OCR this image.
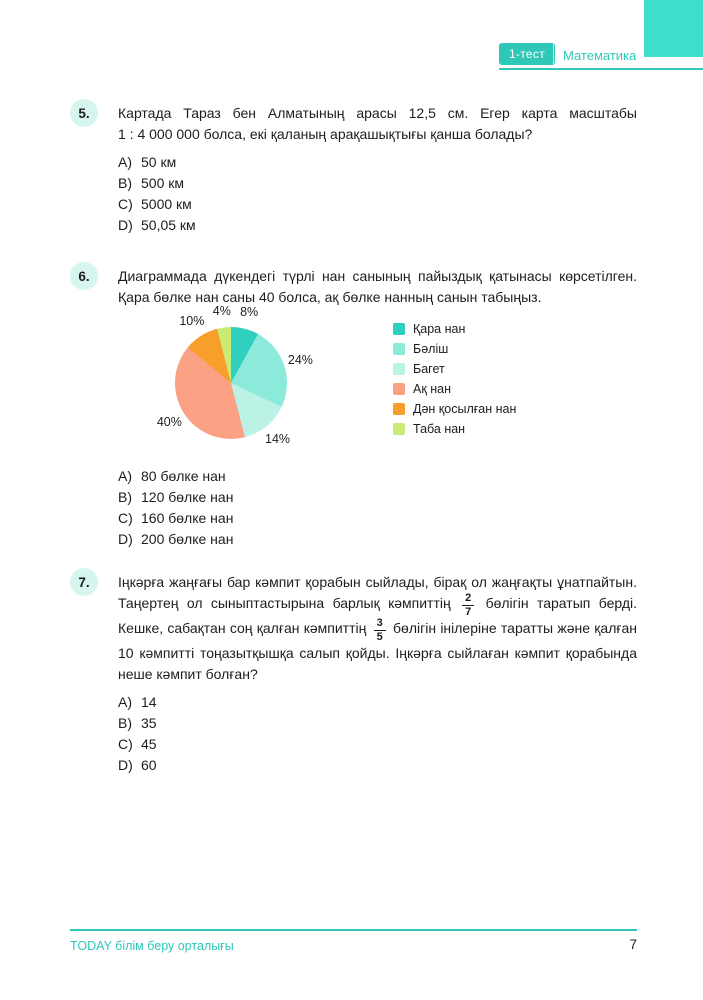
1-тест	Математика
5.	Картада Тараз бен Алматының арасы 12,5 см. Егер карта масштабы 1 : 4 000 000 болса, екі қаланың арақашықтығы қанша болады?

A) 50 км
B) 500 км
C) 5000 км
D) 50,05 км
6.	Диаграммада дүкендегі түрлі нан санының пайыздық қатынасы көрсетілген. Қара бөлке нан саны 40 болса, ақ бөлке нанның санын табыңыз.

8%
24%
14%
40%
10%
4%
Қара нан
Бәліш
Багет
Ақ нан
Дән қосылған нан
Таба нан
A) 80 бөлке нан
B) 120 бөлке нан
C) 160 бөлке нан
D) 200 бөлке нан
7.	Іңкәрға жаңғағы бар кәмпит қорабын сыйлады, бірақ ол жаңғақты ұнатпайтын. Таңертең ол сыныптастырына барлық кәмпиттің $\frac{2}{7}$ бөлігін таратып берді. Кешке, сабақтан соң қалған кәмпиттің $\frac{3}{5}$ бөлігін інілеріне таратты және қалған 10 кәмпитті тоңазытқышқа салып қойды. Іңкәрға сыйлаған кәмпит қорабында неше кәмпит болған?

A) 14
B) 35
C) 45
D) 60
TODAY білім беру орталығы	7
